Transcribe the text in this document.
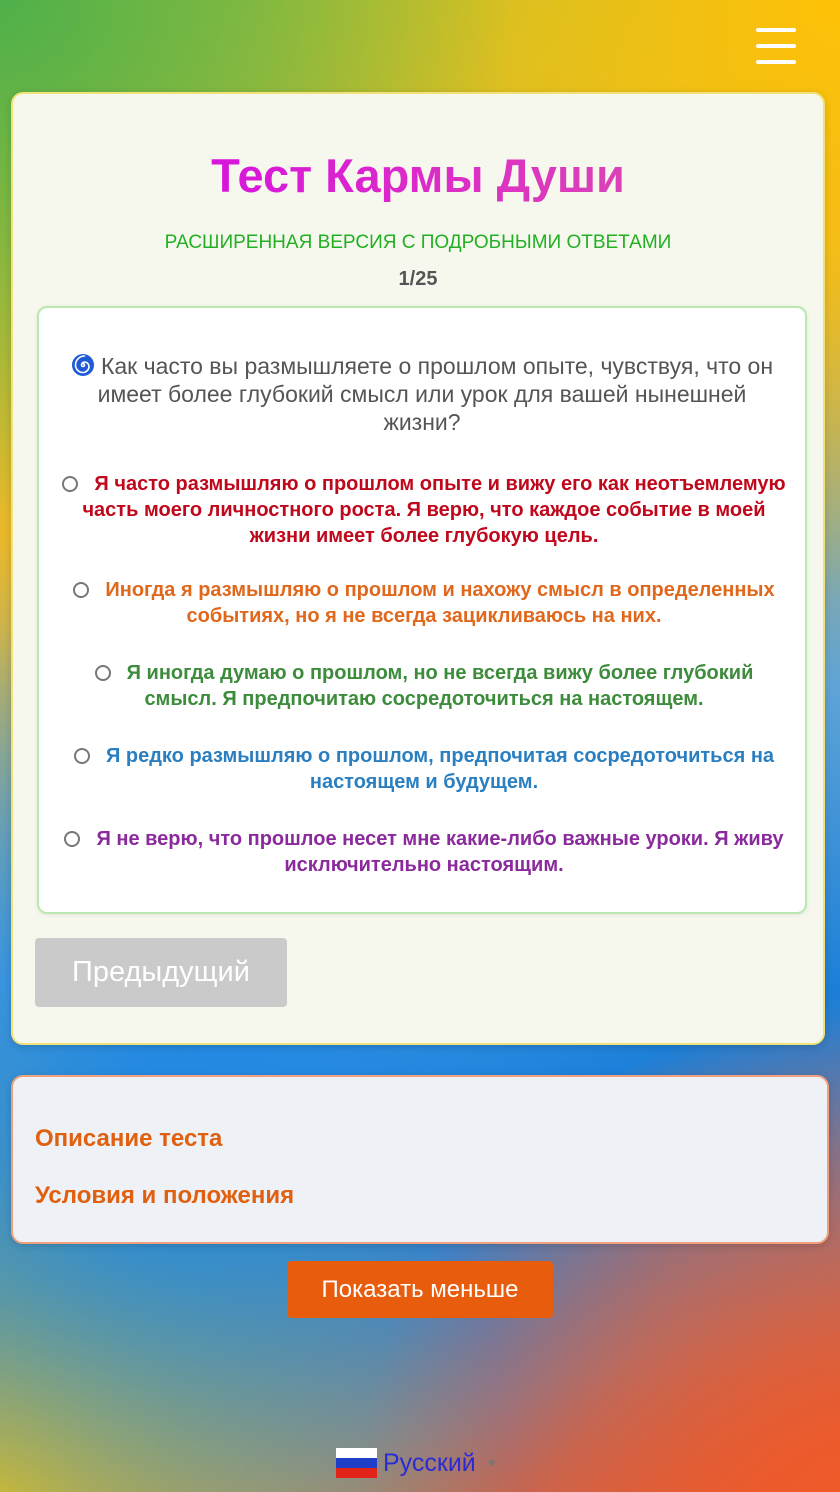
Тест Кармы Души
РАСШИРЕННАЯ ВЕРСИЯ С ПОДРОБНЫМИ ОТВЕТАМИ
1/25
Как часто вы размышляете о прошлом опыте, чувствуя, что он имеет более глубокий смысл или урок для вашей нынешней жизни?
Я часто размышляю о прошлом опыте и вижу его как неотъемлемую часть моего личностного роста. Я верю, что каждое событие в моей жизни имеет более глубокую цель.
Иногда я размышляю о прошлом и нахожу смысл в определенных событиях, но я не всегда зацикливаюсь на них.
Я иногда думаю о прошлом, но не всегда вижу более глубокий смысл. Я предпочитаю сосредоточиться на настоящем.
Я редко размышляю о прошлом, предпочитая сосредоточиться на настоящем и будущем.
Я не верю, что прошлое несет мне какие-либо важные уроки. Я живу исключительно настоящим.
Предыдущий
Описание теста
Условия и положения
Показать меньше
Русский ▼
